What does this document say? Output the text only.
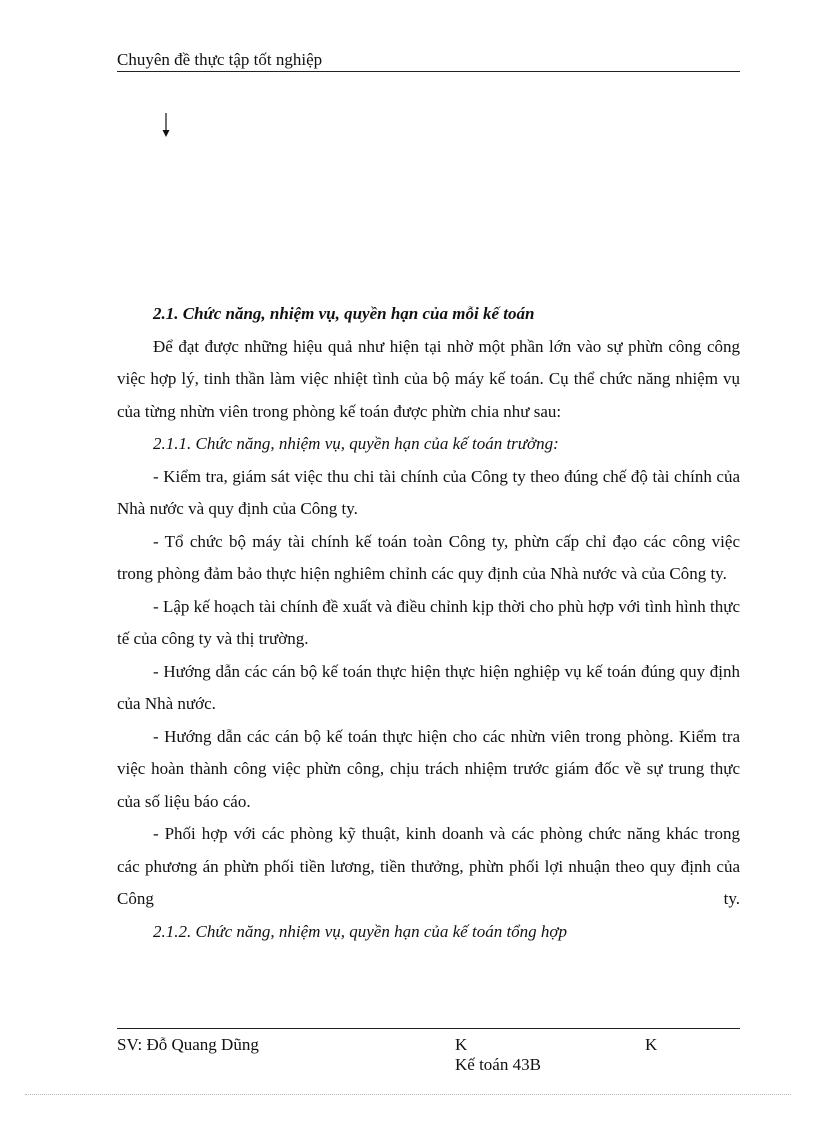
Chuyên đề thực tập tốt nghiệp
2.1. Chức năng, nhiệm vụ, quyền hạn của mỗi kế toán

Để đạt được những hiệu quả như hiện tại nhờ một phần lớn vào sự phừn công công việc hợp lý, tinh thần làm việc nhiệt tình của bộ máy kế toán. Cụ thể chức năng nhiệm vụ của từng nhừn viên trong phòng kế toán được phừn chia như sau:

2.1.1. Chức năng, nhiệm vụ, quyền hạn của kế toán trưởng:

- Kiểm tra, giám sát việc thu chi tài chính của Công ty theo đúng chế độ tài chính của Nhà nước và quy định của Công ty.

- Tổ chức bộ máy tài chính kế toán toàn Công ty, phừn cấp chỉ đạo các công việc trong phòng đảm bảo thực hiện nghiêm chỉnh các quy định của Nhà nước và của Công ty.

- Lập kế hoạch tài chính đề xuất và điều chỉnh kịp thời cho phù hợp với tình hình thực tế của công ty và thị trường.

- Hướng dẫn các cán bộ kế toán thực hiện thực hiện nghiệp vụ kế toán đúng quy định của Nhà nước.

- Hướng dẫn các cán bộ kế toán thực hiện cho các nhừn viên trong phòng. Kiểm tra việc hoàn thành công việc phừn công, chịu trách nhiệm trước giám đốc về sự trung thực của số liệu báo cáo.

- Phối hợp với các phòng kỹ thuật, kinh doanh và các phòng chức năng khác trong các phương án phừn phối tiền lương, tiền thưởng, phừn phối lợi nhuận theo quy định của Công ty.

2.1.2. Chức năng, nhiệm vụ, quyền hạn của kế toán tổng hợp
SV: Đỗ Quang Dũng	K
Kế toán 43B
K
